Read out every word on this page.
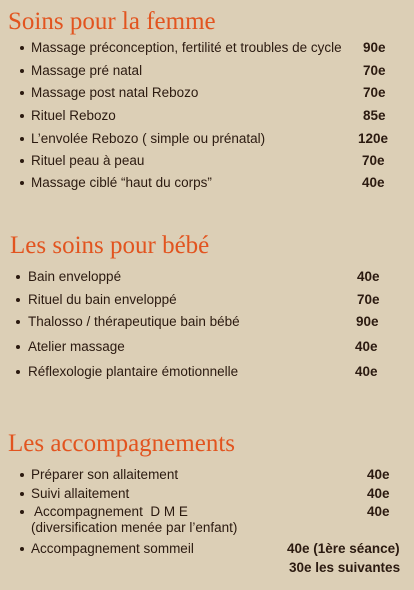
Soins pour la femme
Massage préconception, fertilité et troubles de cycle 90e
Massage pré natal	70e
Massage post natal Rebozo	70e
Rituel Rebozo	85e
L’envolée Rebozo ( simple ou prénatal)	120e
Rituel peau à peau	70e
Massage ciblé “haut du corps”	40e
Les soins pour bébé
Bain enveloppé	40e
Rituel du bain enveloppé	70e
Thalosso / thérapeutique bain bébé	90e
Atelier massage	40e
Réflexologie plantaire émotionnelle	40e
Les accompagnements
Préparer son allaitement	40e
Suivi allaitement	40e
Accompagnement  D M E	40e
(diversification menée par l’enfant)
Accompagnement sommeil	40e (1ère séance)
30e les suivantes
